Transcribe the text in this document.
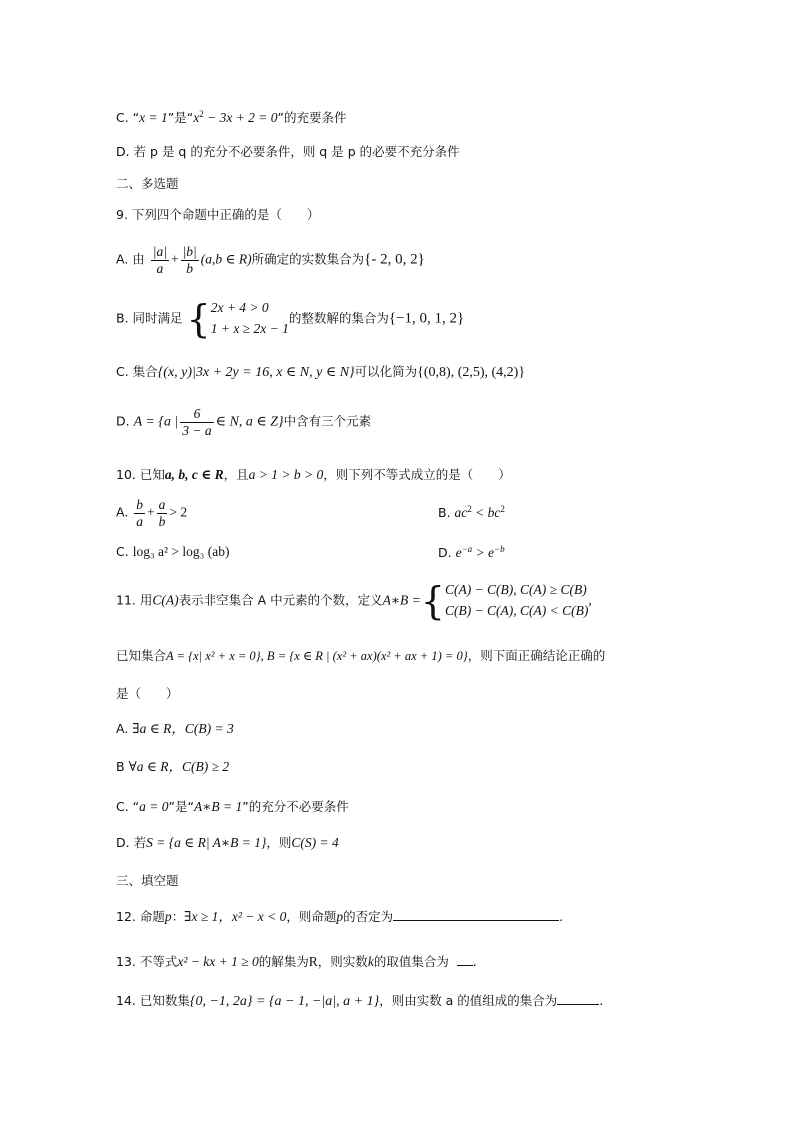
C. “x = 1”是“$x^2 - 3x + 2 = 0$”的充要条件
D. 若 p 是 q 的充分不必要条件，则 q 是 p 的必要不充分条件
二、多选题
9. 下列四个命题中正确的是（　　）
A. 由 $\frac{|a|}{a} + \frac{|b|}{b} (a,b$ ∈ R)所确定的实数集合为{- 2, 0, 2}
B. 同时满足 { 2x + 4 > 0
1 + x ≥ 2x − 1
的整数解的集合为{−1, 0, 1, 2}
C. 集合{(x, y)|3x + 2y = 16, x ∈ N, y ∈ N}可以化简为{(0,8), (2,5), (4,2)}
D. A = {a | $\frac{6}{3 - a}$ ∈ N, a ∈ Z}中含有三个元素
10. 已知a, b, c ∈ R，且a > 1 > b > 0，则下列不等式成立的是（　　）
A. $\frac{b}{a} + \frac{a}{b} > 2$	B. $ac^2 < bc^2$
C. log₃ a² > log₃ (ab)	D. $e^{-a} > e^{-b}$
11. 用C(A)表示非空集合 A 中元素的个数，定义A∗B ={ C(A) − C(B), C(A) ≥ C(B)
C(B) − C(A), C(A) < C(B)
,
已知集合A = {x| x² + x = 0}, B = {x ∈ R | (x² + ax)(x² + ax + 1) = 0}，则下面正确结论正确的
是（　　）
A. ∃a ∈ R，C(B) = 3
B ∀a ∈ R，C(B) ≥ 2
C. “a = 0”是“A∗B = 1”的充分不必要条件
D. 若S = {a ∈ R| A∗B = 1}，则C(S) = 4
三、填空题
12. 命题p：∃x ≥ 1，x² − x < 0，则命题p的否定为	.
13. 不等式x² − kx + 1 ≥ 0的解集为R，则实数k的取值集合为 .
14. 已知数集{0, −1, 2a} = {a − 1, −|a|, a + 1}，则由实数 a 的值组成的集合为	.
